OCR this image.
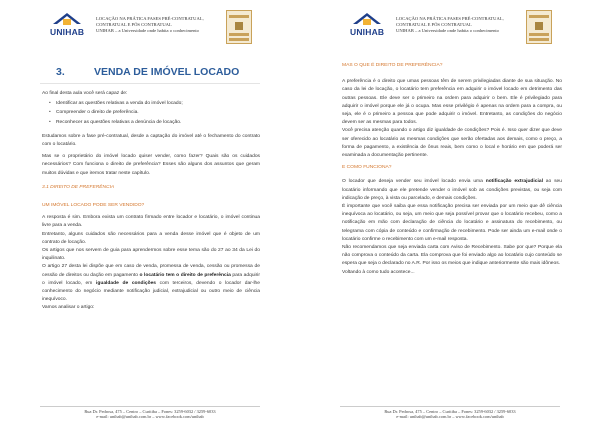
UNIHAB
LOCAÇÃO NA PRÁTICA FASES PRÉ-CONTRATUAL,
CONTRATUAL E PÓS CONTRATUAL
UNIHAB – a Universidade onde habita o conhecimento
3.	VENDA DE IMÓVEL LOCADO
Ao final desta aula você será capaz de:
• Identificar as questões relativas a venda do imóvel locado;
• Compreender o direito de preferência.
• Reconhecer as questões relativas a denúncia de locação.
Estudamos sobre a fase pré-contratual, desde a captação do imóvel até o fechamento do contrato com o locatário.
Mas se o proprietário do imóvel locado quiser vender, como fazer? Quais são os cuidados necessários? Com funciona o direito de preferência? Esses são alguns dos assuntos que geram muitos dúvidas e que iremos tratar neste capítulo.
3.1 DIREITO DE PREFERÊNCIA
UM IMÓVEL LOCADO PODE SER VENDIDO?
A resposta é sim. Embora exista um contrato firmado entre locador e locatário, o imóvel continua livre para a venda.
Entretanto, alguns cuidados são necessários para a venda desse imóvel que é objeto de um contrato de locação.
Os artigos que nos servem de guia para aprendermos sobre esse tema são do 27 ao 34 da Lei do inquilinato.
O artigo 27 desta lei dispõe que em caso de venda, promessa de venda, cessão ou promessa de cessão de direitos ou dação em pagamento o locatário tem o direito de preferência para adquirir o imóvel locado, em igualdade de condições com terceiros, devendo o locador dar-lhe conhecimento do negócio mediante notificação judicial, extrajudicial ou outro meio de ciência inequívoco.
Vamos analisar o artigo:
Rua Dr. Pedrosa, 475 – Centro – Curitiba – Fones: 3259-6032 / 3259-6033
e-mail: unihab@unihab.com.br – www.facebook.com/unihab
UNIHAB
LOCAÇÃO NA PRÁTICA FASES PRÉ-CONTRATUAL,
CONTRATUAL E PÓS CONTRATUAL
UNIHAB – a Universidade onde habita o conhecimento
MAS O QUE É DIREITO DE PREFERÊNCIA?
A preferência é o direito que umas pessoas têm de serem privilegiadas diante de sua situação. No caso da lei de locação, o locatário tem preferência em adquirir o imóvel locado em detrimento das outras pessoas. Ele deve ser o primeiro na ordem para adquirir o bem. Ele é privilegiado para adquirir o imóvel porque ele já o ocupa. Mas esse privilégio é apenas na ordem para a compra, ou seja, ele é o primeiro a pessoa que pode adquirir o imóvel. Entretanto, as condições do negócio devem ser as mesmas para todos.
Você precisa atenção quando o artigo diz igualdade de condições? Pois é. Isso quer dizer que deve ser oferecido ao locatário as mesmas condições que serão ofertadas aos demais, como o preço, a forma de pagamento, a existência de ônus reais, bem como o local e horário em que poderá ser examinada a documentação pertinente.
E COMO FUNCIONA?
O locador que deseja vender seu imóvel locado envia uma notificação extrajudicial ao seu locatário informando que ele pretende vender o imóvel sob as condições previstas, ou seja com indicação de preço, à vista ou parcelado, e demais condições.
É importante que você saiba que essa notificação precisa ser enviada por um meio que dê ciência inequívoca ao locatário, ou seja, um meio que seja possível provar que o locatário recebeu, como a notificação em mão com declaração de ciência do locatário e assinatura do recebimento, ou telegrama com cópia de conteúdo e confirmação de recebimento. Pode ser ainda um e-mail onde o locatário confirme o recebimento com um e-mail resposta.
Não recomendamos que seja enviada carta com Aviso de Recebimento. Sabe por que? Porque ela não comprova o conteúdo da carta. Ela comprova que foi enviado algo ao locatário cujo conteúdo se espera que seja o declarado no A.R. Por isso os meios que indique anteriormente são mais idôneos.
Voltando à como tudo acontece...
Rua Dr. Pedrosa, 475 – Centro – Curitiba – Fones: 3259-6032 / 3259-6033
e-mail: unihab@unihab.com.br – www.facebook.com/unihab
